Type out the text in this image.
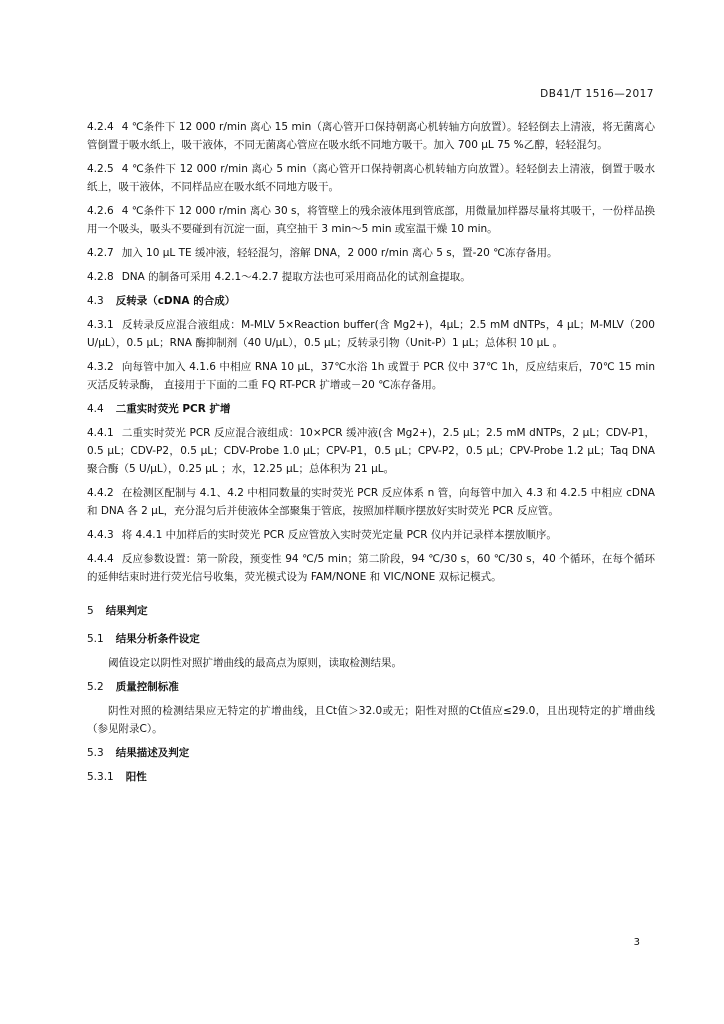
DB41/T 1516—2017

4.2.4 4 ℃条件下 12 000 r/min 离心 15 min（离心管开口保持朝离心机转轴方向放置）。轻轻倒去上清液，将无菌离心管倒置于吸水纸上，吸干液体，不同无菌离心管应在吸水纸不同地方吸干。加入 700 μL 75 %乙醇，轻轻混匀。

4.2.5 4 ℃条件下 12 000 r/min 离心 5 min（离心管开口保持朝离心机转轴方向放置）。轻轻倒去上清液，倒置于吸水纸上，吸干液体，不同样品应在吸水纸不同地方吸干。

4.2.6 4 ℃条件下 12 000 r/min 离心 30 s，将管壁上的残余液体甩到管底部，用微量加样器尽量将其吸干，一份样品换用一个吸头，吸头不要碰到有沉淀一面，真空抽干 3 min～5 min 或室温干燥 10 min。

4.2.7 加入 10 μL TE 缓冲液，轻轻混匀，溶解 DNA，2 000 r/min 离心 5 s，置-20 ℃冻存备用。

4.2.8 DNA 的制备可采用 4.2.1～4.2.7 提取方法也可采用商品化的试剂盒提取。

4.3 反转录（cDNA 的合成）

4.3.1 反转录反应混合液组成：M-MLV 5×Reaction buffer(含 Mg2+)，4μL；2.5 mM dNTPs，4 μL；M-MLV（200 U/μL），0.5 μL；RNA 酶抑制剂（40 U/μL），0.5 μL；反转录引物（Unit-P）1 μL；总体积 10 μL 。

4.3.2 向每管中加入 4.1.6 中相应 RNA 10 μL，37℃水浴 1h 或置于 PCR 仪中 37℃ 1h，反应结束后，70℃ 15 min 灭活反转录酶， 直接用于下面的二重 FQ RT-PCR 扩增或－20 ℃冻存备用。

4.4 二重实时荧光 PCR 扩增

4.4.1 二重实时荧光 PCR 反应混合液组成：10×PCR 缓冲液(含 Mg2+)，2.5 μL；2.5 mM dNTPs，2 μL；CDV-P1，0.5 μL；CDV-P2，0.5 μL；CDV-Probe 1.0 μL；CPV-P1，0.5 μL；CPV-P2，0.5 μL；CPV-Probe 1.2 μL；Taq DNA 聚合酶（5 U/μL），0.25 μL ；水，12.25 μL；总体积为 21 μL。

4.4.2 在检测区配制与 4.1、4.2 中相同数量的实时荧光 PCR 反应体系 n 管，向每管中加入 4.3 和 4.2.5 中相应 cDNA 和 DNA 各 2 μL，充分混匀后并使液体全部聚集于管底，按照加样顺序摆放好实时荧光 PCR 反应管。

4.4.3 将 4.4.1 中加样后的实时荧光 PCR 反应管放入实时荧光定量 PCR 仪内并记录样本摆放顺序。

4.4.4 反应参数设置：第一阶段，预变性 94 ℃/5 min；第二阶段，94 ℃/30 s，60 ℃/30 s，40 个循环，在每个循环的延伸结束时进行荧光信号收集，荧光模式设为 FAM/NONE 和 VIC/NONE 双标记模式。

5 结果判定
5.1 结果分析条件设定

阈值设定以阴性对照扩增曲线的最高点为原则，读取检测结果。

5.2 质量控制标准

阴性对照的检测结果应无特定的扩增曲线，且Ct值＞32.0或无；阳性对照的Ct值应≤29.0，且出现特定的扩增曲线（参见附录C）。

5.3 结果描述及判定
5.3.1 阳性
3
